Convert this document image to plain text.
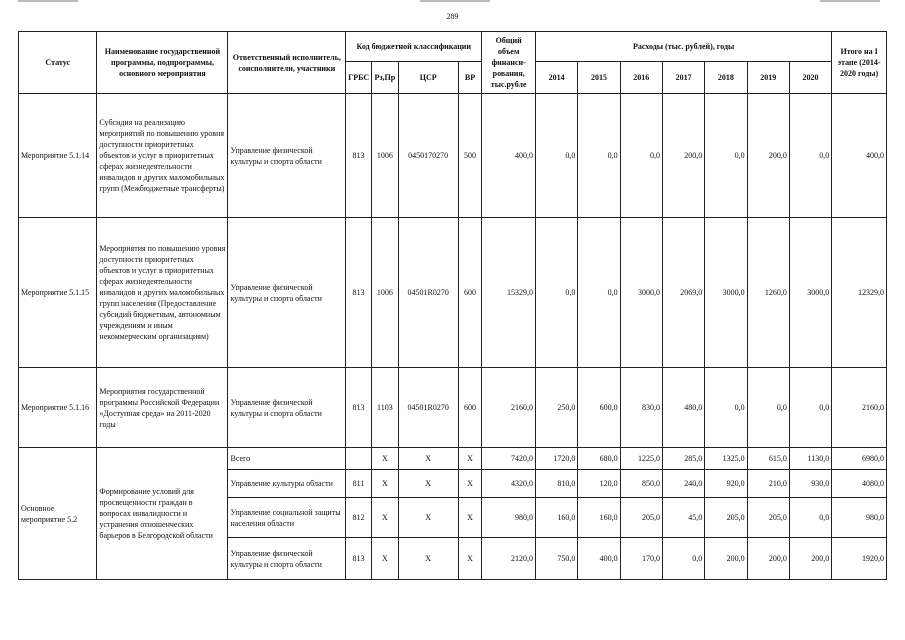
289
Статус	Наименование государственной программы, подпрограммы, основного мероприятия	Ответственный исполнитель, соисполнители, участники	Код бюджетной классификации				Общий объем финанси-рования, тыс.рубле	Расходы (тыс. рублей), годы							Итого на I этапе (2014-2020 годы)
			ГРБС	Рз,Пр	ЦСР	ВР		2014	2015	2016	2017	2018	2019	2020	
Мероприятие 5.1.14	Субсидия на реализацию мероприятий по повышению уровня доступности приоритетных объектов и услуг в приоритетных сферах жизнедеятельности инвалидов и других маломобильных групп (Межбюджетные трансферты)	Управление физической культуры и спорта области	813	1006	0450170270	500	400,0	0,0	0,0	0,0	200,0	0,0	200,0	0,0	400,0
Мероприятие 5.1.15	Мероприятия по повышению уровня доступности приоритетных объектов и услуг в приоритетных сферах жизнедеятельности инвалидов и других маломобильных групп населения (Предоставление субсидий бюджетным, автономным учреждениям и иным некоммерческим организациям)	Управление физической культуры и спорта области	813	1006	04501R0270	600	15329,0	0,0	0,0	3000,0	2069,0	3000,0	1260,0	3000,0	12329,0
Мероприятие 5.1.16	Мероприятия государственной программы Российской Федерации «Доступная среда» на 2011-2020 годы	Управление физической культуры и спорта области	813	1103	04501R0270	600	2160,0	250,0	600,0	830,0	480,0	0,0	0,0	0,0	2160,0
Основное мероприятие 5.2	Формирование условий для просвещенности граждан в вопросах инвалидности и устранения отношенческих барьеров в Белгородской области	Всего		X	X	X	7420,0	1720,0	680,0	1225,0	285,0	1325,0	615,0	1130,0	6980,0
		Управление культуры области	811	X	X	X	4320,0	810,0	120,0	850,0	240,0	920,0	210,0	930,0	4080,0
		Управление социальной защиты населения области	812	X	X	X	980,0	160,0	160,0	205,0	45,0	205,0	205,0	0,0	980,0
		Управление физической культуры и спорта области	813	X	X	X	2120,0	750,0	400,0	170,0	0,0	200,0	200,0	200,0	1920,0
